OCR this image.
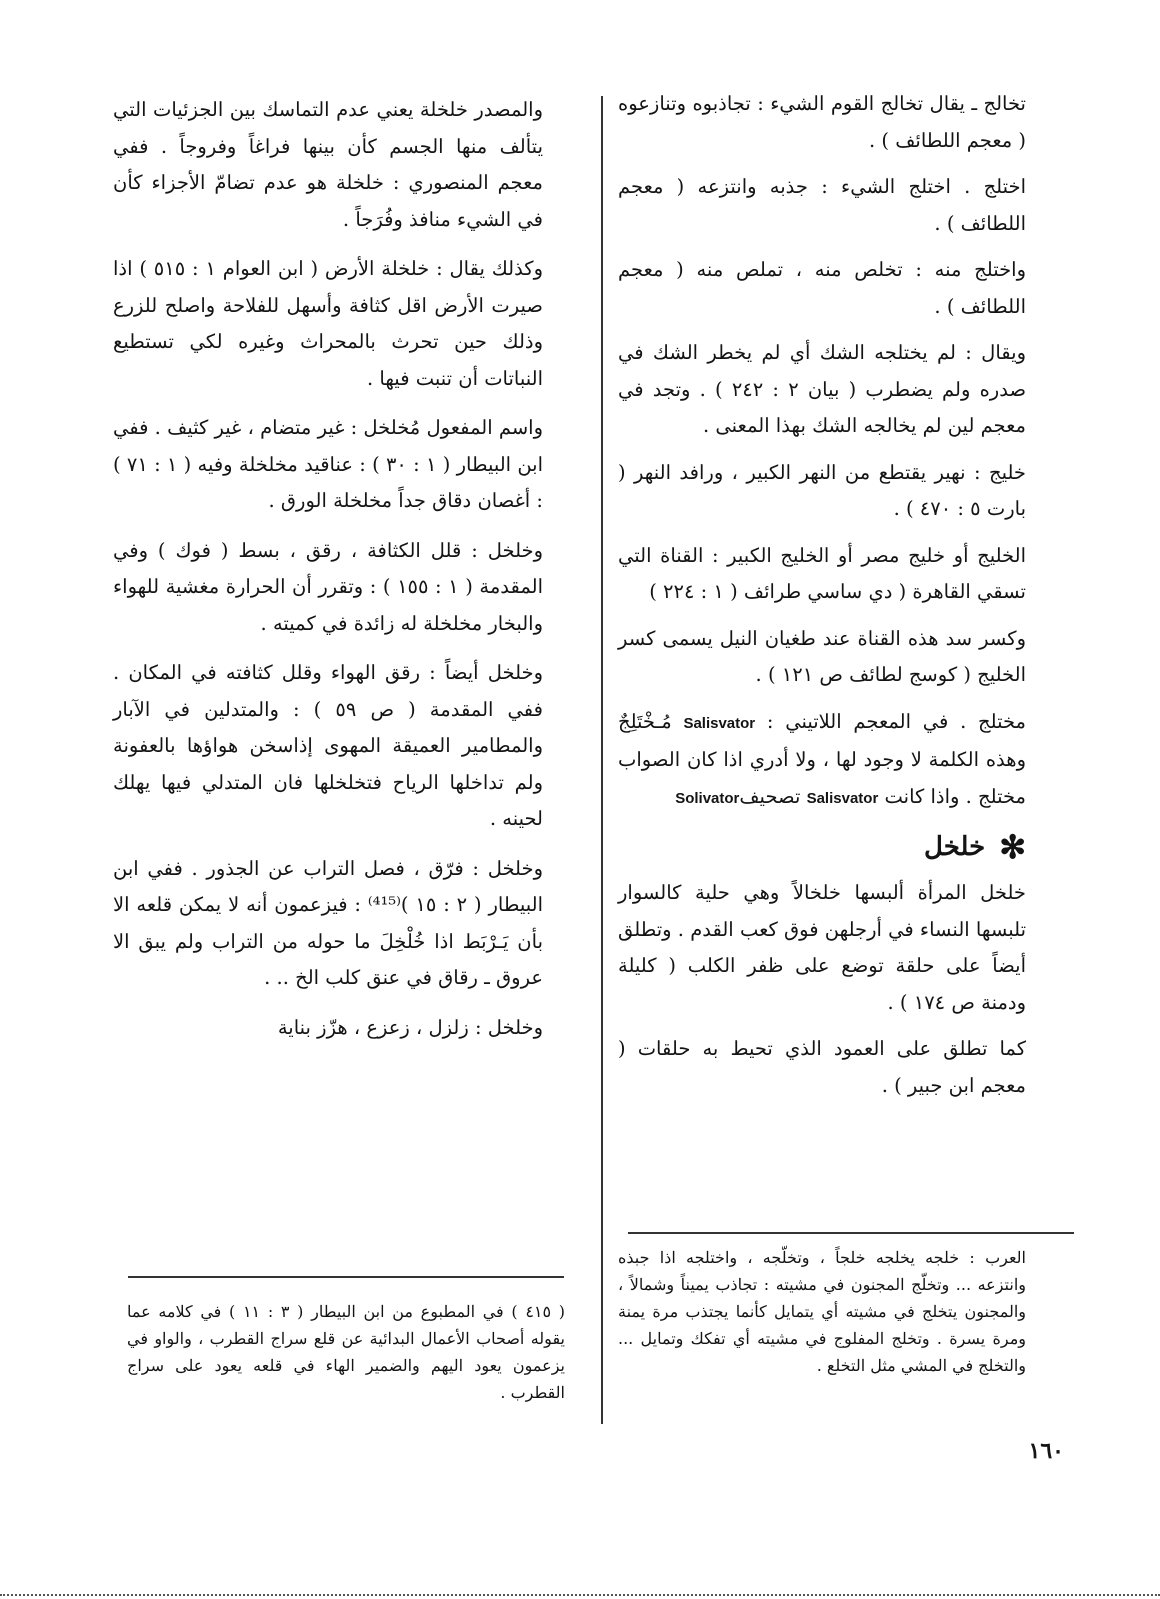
تخالج ـ يقال تخالج القوم الشيء : تجاذبوه وتنازعوه ( معجم اللطائف ) .

اختلج . اختلج الشيء : جذبه وانتزعه ( معجم اللطائف ) .

واختلج منه : تخلص منه ، تملص منه ( معجم اللطائف ) .

ويقال : لم يختلجه الشك أي لم يخطر الشك في صدره ولم يضطرب ( بيان ٢ : ٢٤٢ ) . وتجد في معجم لين لم يخالجه الشك بهذا المعنى .

خليج : نهير يقتطع من النهر الكبير ، ورافد النهر ( بارت ٥ : ٤٧٠ ) .

الخليج أو خليج مصر أو الخليج الكبير : القناة التي تسقي القاهرة ( دي ساسي طرائف ( ١ : ٢٢٤ )

وكسر سد هذه القناة عند طغيان النيل يسمى كسر الخليج ( كوسج لطائف ص ١٢١ ) .

مختلج . في المعجم اللاتيني : Salisvator مُـخْتَلِجٌ وهذه الكلمة لا وجود لها ، ولا أدري اذا كان الصواب مختلج . واذا كانت Salisvator تصحيفSolivator

✻
خلخل

خلخل المرأة ألبسها خلخالاً وهي حلية كالسوار تلبسها النساء في أرجلهن فوق كعب القدم . وتطلق أيضاً على حلقة توضع على ظفر الكلب ( كليلة ودمنة ص ١٧٤ ) .

كما تطلق على العمود الذي تحيط به حلقات ( معجم ابن جبير ) .

العرب : خلجه يخلجه خلجاً ، وتخلّجه ، واختلجه اذا جبذه وانتزعه ... وتخلّج المجنون في مشيته : تجاذب يميناً وشمالاً ، والمجنون يتخلج في مشيته أي يتمايل كأنما يجتذب مرة يمنة ومرة يسرة . وتخلج المفلوج في مشيته أي تفكك وتمايل ... والتخلج في المشي مثل التخلع .

والمصدر خلخلة يعني عدم التماسك بين الجزئيات التي يتألف منها الجسم كأن بينها فراغاً وفروجاً . ففي معجم المنصوري : خلخلة هو عدم تضامّ الأجزاء كأن في الشيء منافذ وفُرَجاً .

وكذلك يقال : خلخلة الأرض ( ابن العوام ١ : ٥١٥ ) اذا صيرت الأرض اقل كثافة وأسهل للفلاحة واصلح للزرع وذلك حين تحرث بالمحراث وغيره لكي تستطيع النباتات أن تنبت فيها .

واسم المفعول مُخلخل : غير متضام ، غير كثيف . ففي ابن البيطار ( ١ : ٣٠ ) : عناقيد مخلخلة وفيه ( ١ : ٧١ ) : أغصان دقاق جداً مخلخلة الورق .

وخلخل : قلل الكثافة ، رقق ، بسط ( فوك ) وفي المقدمة ( ١ : ١٥٥ ) : وتقرر أن الحرارة مغشية للهواء والبخار مخلخلة له زائدة في كميته .

وخلخل أيضاً : رقق الهواء وقلل كثافته في المكان . ففي المقدمة ( ص ٥٩ ) : والمتدلين في الآبار والمطامير العميقة المهوى إذاسخن هواؤها بالعفونة ولم تداخلها الرياح فتخلخلها فان المتدلي فيها يهلك لحينه .

وخلخل : فرّق ، فصل التراب عن الجذور . ففي ابن البيطار ( ٢ : ١٥ )⁽⁴¹⁵⁾ : فيزعمون أنه لا يمكن قلعه الا بأن يَـرْبَط اذا خُلْخِلَ ما حوله من التراب ولم يبق الا عروق ـ رقاق في عنق كلب الخ .. .

وخلخل : زلزل ، زعزع ، هزّز بناية

( ٤١٥ ) في المطبوع من ابن البيطار ( ٣ : ١١ ) في كلامه عما يقوله أصحاب الأعمال البدائية عن قلع سراج القطرب ، والواو في يزعمون يعود اليهم والضمير الهاء في قلعه يعود على سراج القطرب .

١٦٠
